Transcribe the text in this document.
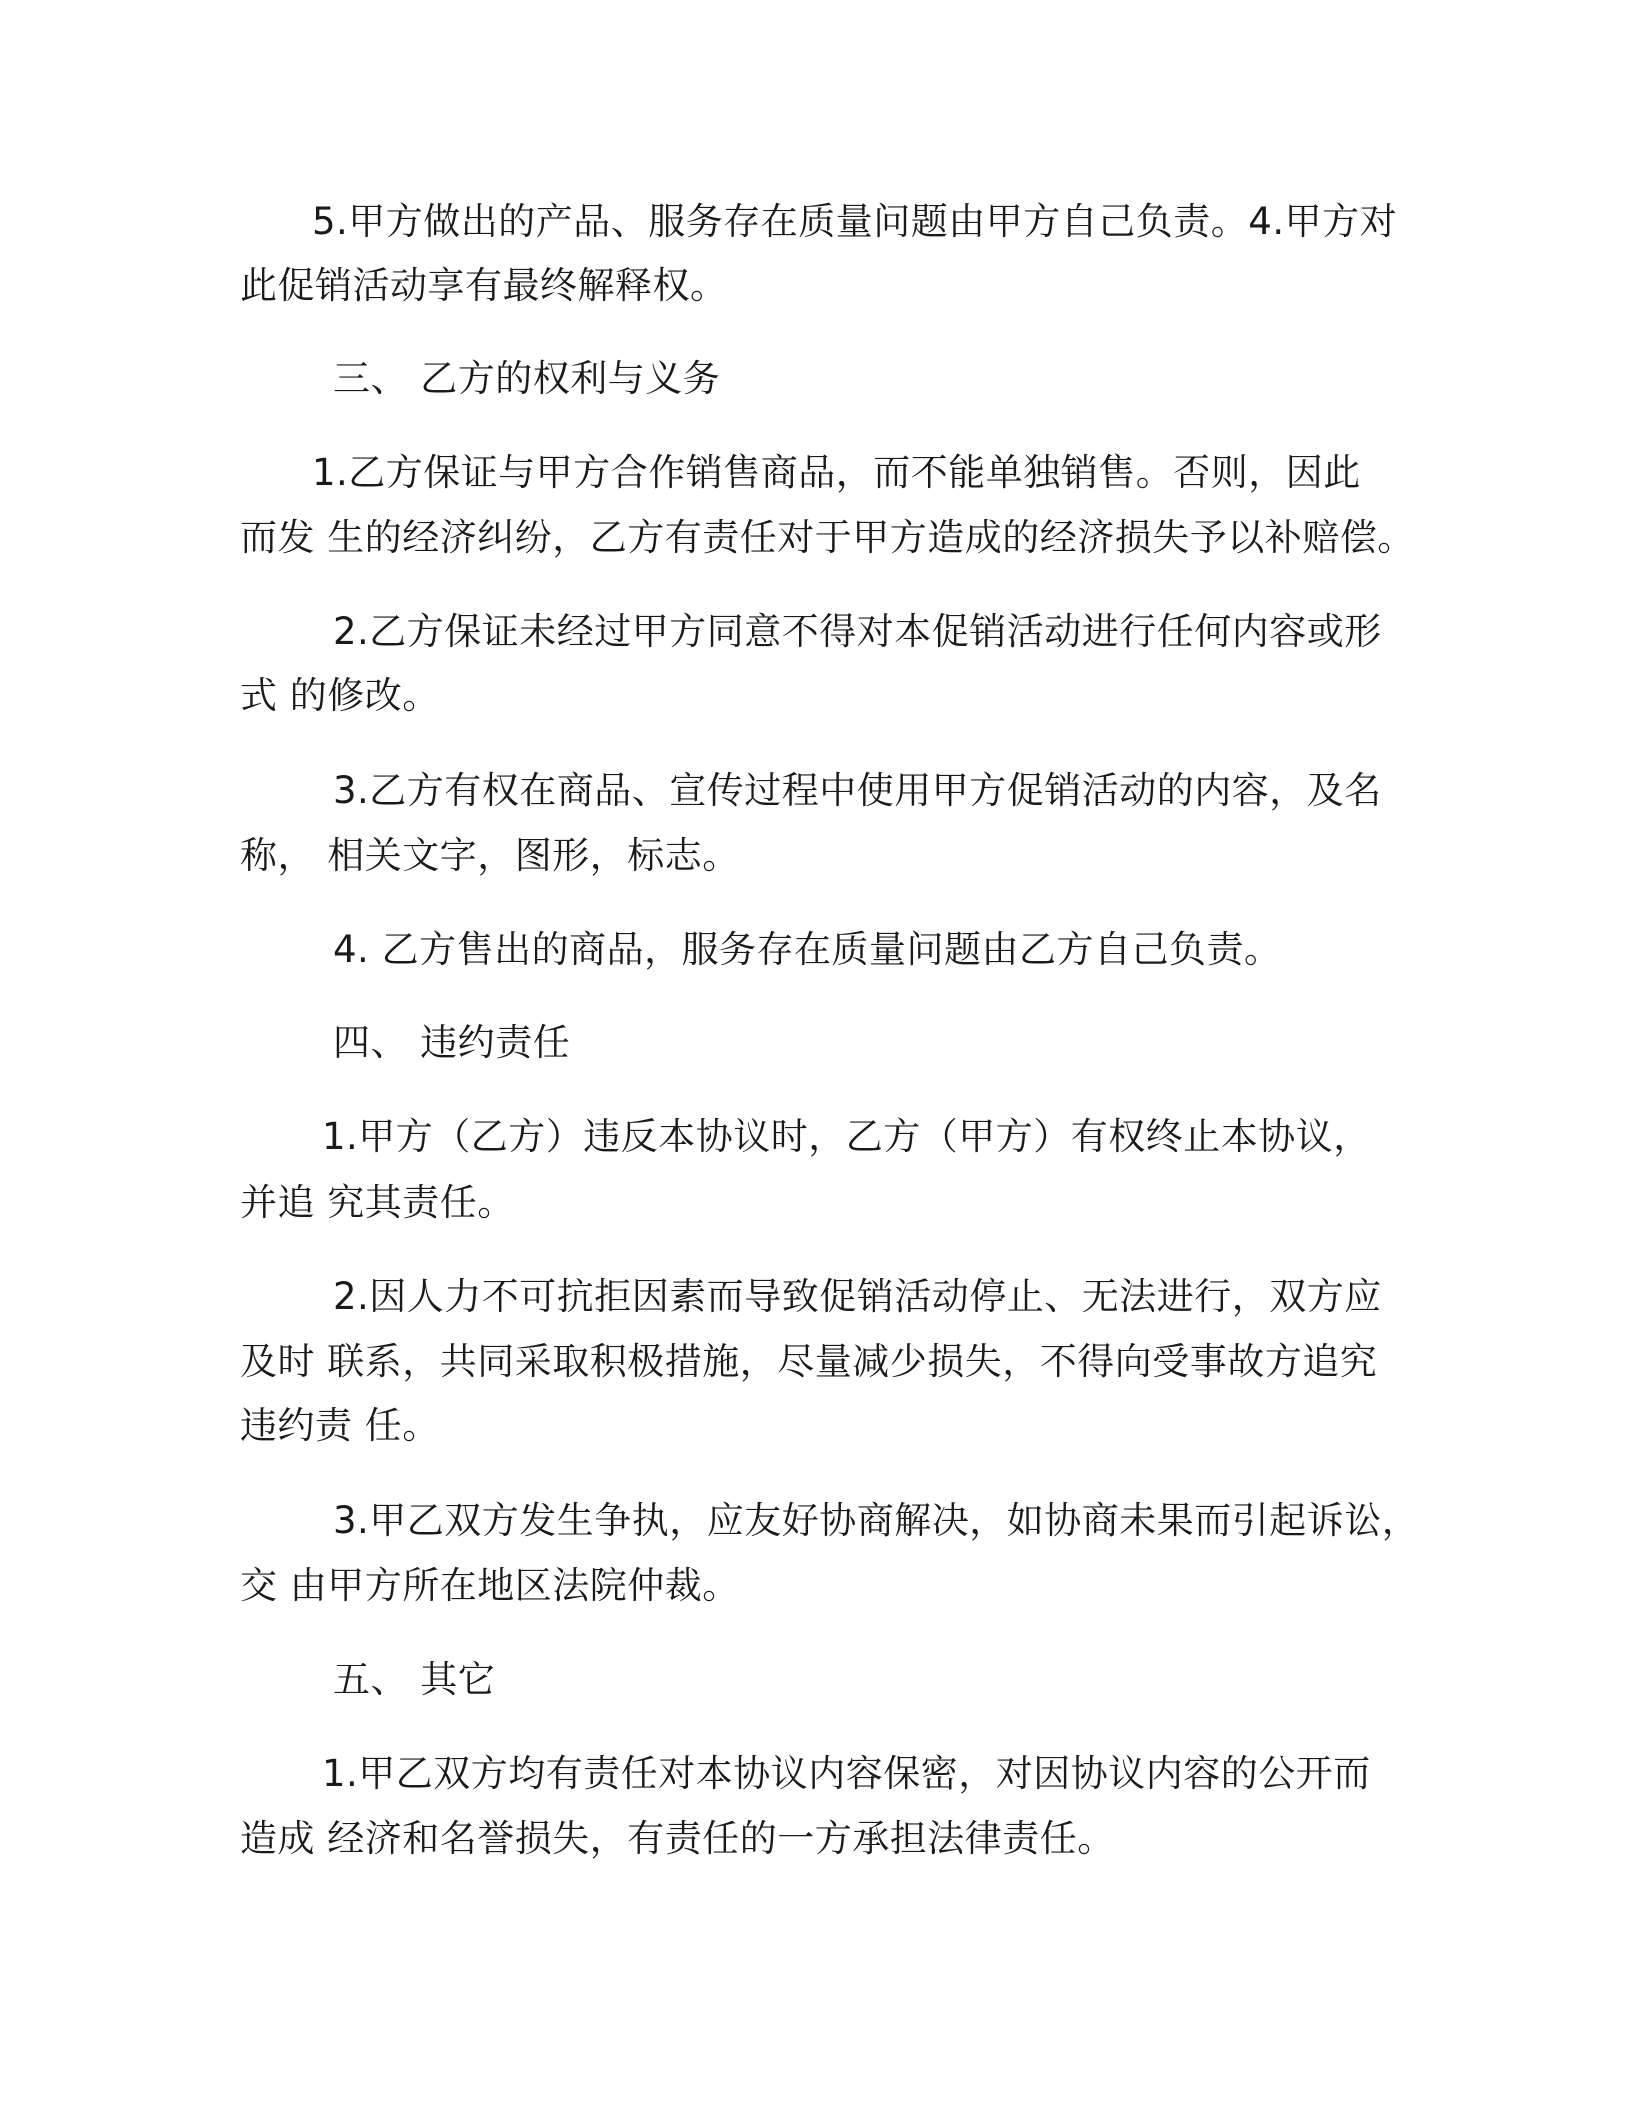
5.甲方做出的产品、服务存在质量问题由甲方自己负责。4.甲方对

此促销活动享有最终解释权。

三、 乙方的权利与义务

1.乙方保证与甲方合作销售商品，而不能单独销售。否则，因此

而发 生的经济纠纷，乙方有责任对于甲方造成的经济损失予以补赔偿。

2.乙方保证未经过甲方同意不得对本促销活动进行任何内容或形

式 的修改。

3.乙方有权在商品、宣传过程中使用甲方促销活动的内容，及名

称， 相关文字，图形，标志。

4. 乙方售出的商品，服务存在质量问题由乙方自己负责。

四、 违约责任

1.甲方（乙方）违反本协议时，乙方（甲方）有权终止本协议，

并追 究其责任。

2.因人力不可抗拒因素而导致促销活动停止、无法进行，双方应

及时 联系，共同采取积极措施，尽量减少损失，不得向受事故方追究

违约责 任。

3.甲乙双方发生争执，应友好协商解决，如协商未果而引起诉讼，

交 由甲方所在地区法院仲裁。

五、 其它

1.甲乙双方均有责任对本协议内容保密，对因协议内容的公开而

造成 经济和名誉损失，有责任的一方承担法律责任。
